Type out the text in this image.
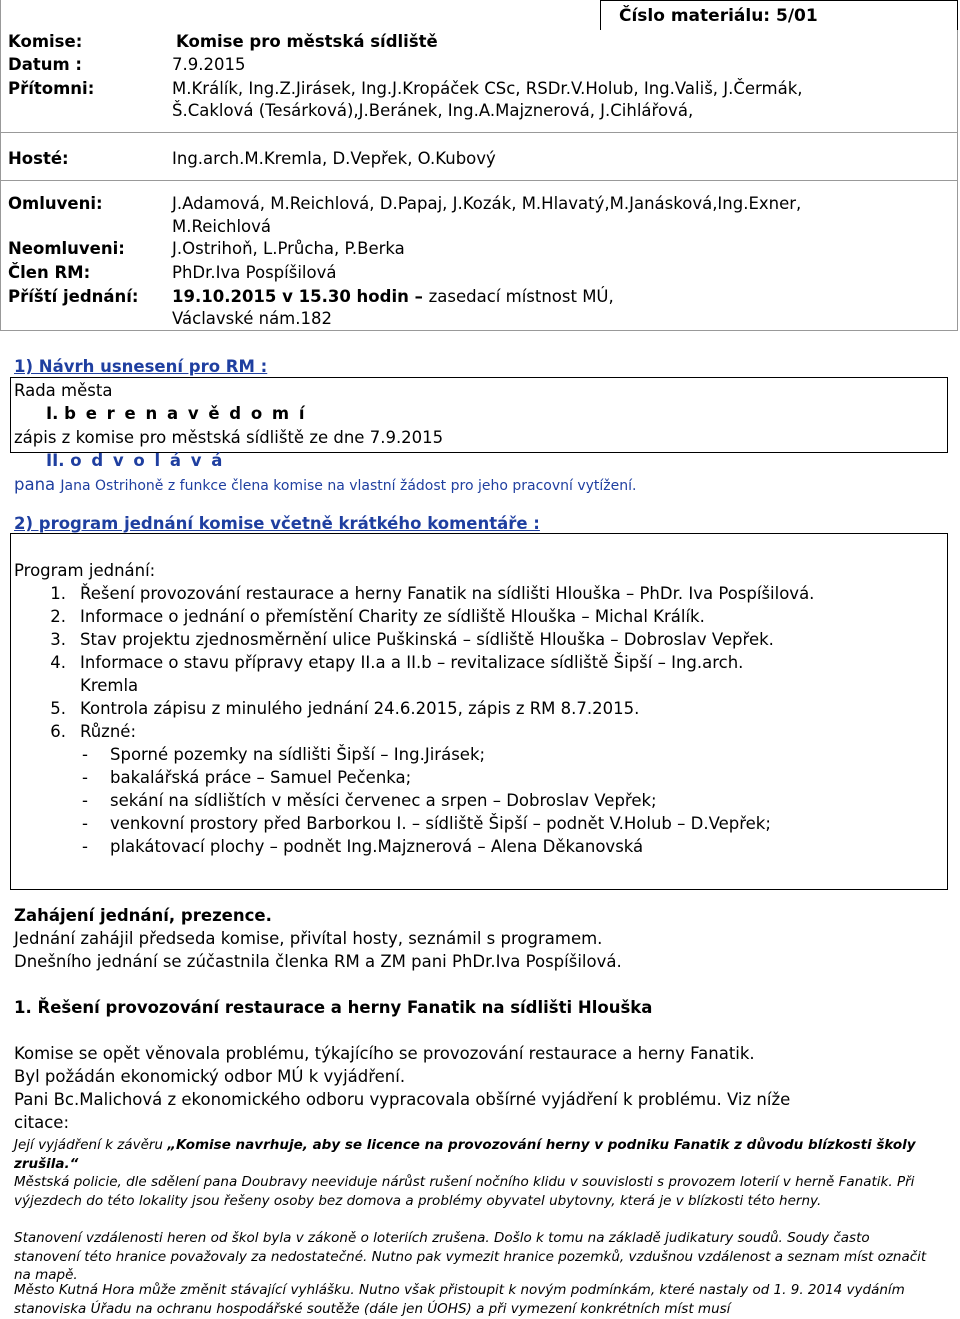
Číslo materiálu: 5/01
Komise:	Komise pro městská sídliště
Datum :	7.9.2015
Přítomni:	M.Králík, Ing.Z.Jirásek, Ing.J.Kropáček CSc, RSDr.V.Holub, Ing.Vališ, J.Čermák,
Š.Caklová (Tesárková),J.Beránek, Ing.A.Majznerová, J.Cihlářová,
Hosté:	Ing.arch.M.Kremla, D.Vepřek, O.Kubový
Omluveni:	J.Adamová, M.Reichlová, D.Papaj, J.Kozák, M.Hlavatý,M.Janásková,Ing.Exner,
M.Reichlová
Neomluveni:	J.Ostrihoň, L.Průcha, P.Berka
Člen RM:	PhDr.Iva Pospíšilová
Příští jednání: 19.10.2015 v 15.30 hodin – zasedací místnost MÚ,
Václavské nám.182
1) Návrh usnesení pro RM :
Rada města
I. b e r e n a v ě d o m í
zápis z komise pro městská sídliště ze dne 7.9.2015
II. o d v o l á v á
pana Jana Ostrihoně z funkce člena komise na vlastní žádost pro jeho pracovní vytížení.
2) program jednání komise včetně krátkého komentáře :
Program jednání:
1. Řešení provozování restaurace a herny Fanatik na sídlišti Hlouška – PhDr. Iva Pospíšilová.
2. Informace o jednání o přemístění Charity ze sídliště Hlouška – Michal Králík.
3. Stav projektu zjednosměrnění ulice Puškinská – sídliště Hlouška – Dobroslav Vepřek.
4. Informace o stavu přípravy etapy II.a a II.b – revitalizace sídliště Šipší – Ing.arch.
Kremla
5. Kontrola zápisu z minulého jednání 24.6.2015, zápis z RM 8.7.2015.
6. Různé:
- Sporné pozemky na sídlišti Šipší – Ing.Jirásek;
- bakalářská práce – Samuel Pečenka;
- sekání na sídlištích v měsíci červenec a srpen – Dobroslav Vepřek;
- venkovní prostory před Barborkou I. – sídliště Šipší – podnět V.Holub – D.Vepřek;
- plakátovací plochy – podnět Ing.Majznerová – Alena Děkanovská
Zahájení jednání, prezence.
Jednání zahájil předseda komise, přivítal hosty, seznámil s programem.
Dnešního jednání se zúčastnila členka RM a ZM pani PhDr.Iva Pospíšilová.
1. Řešení provozování restaurace a herny Fanatik na sídlišti Hlouška
Komise se opět věnovala problému, týkajícího se provozování restaurace a herny Fanatik.
Byl požádán ekonomický odbor MÚ k vyjádření.
Pani Bc.Malichová z ekonomického odboru vypracovala obšírné vyjádření k problému. Viz níže
citace:
Její vyjádření k závěru „Komise navrhuje, aby se licence na provozování herny v podniku Fanatik z důvodu blízkosti školy zrušila.“
Městská policie, dle sdělení pana Doubravy neeviduje nárůst rušení nočního klidu v souvislosti s provozem loterií v herně Fanatik. Při výjezdech do této lokality jsou řešeny osoby bez domova a problémy obyvatel ubytovny, která je v blízkosti této herny.
Stanovení vzdálenosti heren od škol byla v zákoně o loteriích zrušena. Došlo k tomu na základě judikatury soudů. Soudy často stanovení této hranice považovaly za nedostatečné. Nutno pak vymezit hranice pozemků, vzdušnou vzdálenost a seznam míst označit na mapě.
Město Kutná Hora může změnit stávající vyhlášku. Nutno však přistoupit k novým podmínkám, které nastaly od 1. 9. 2014 vydáním stanoviska Úřadu na ochranu hospodářské soutěže (dále jen ÚOHS) a při vymezení konkrétních míst musí
